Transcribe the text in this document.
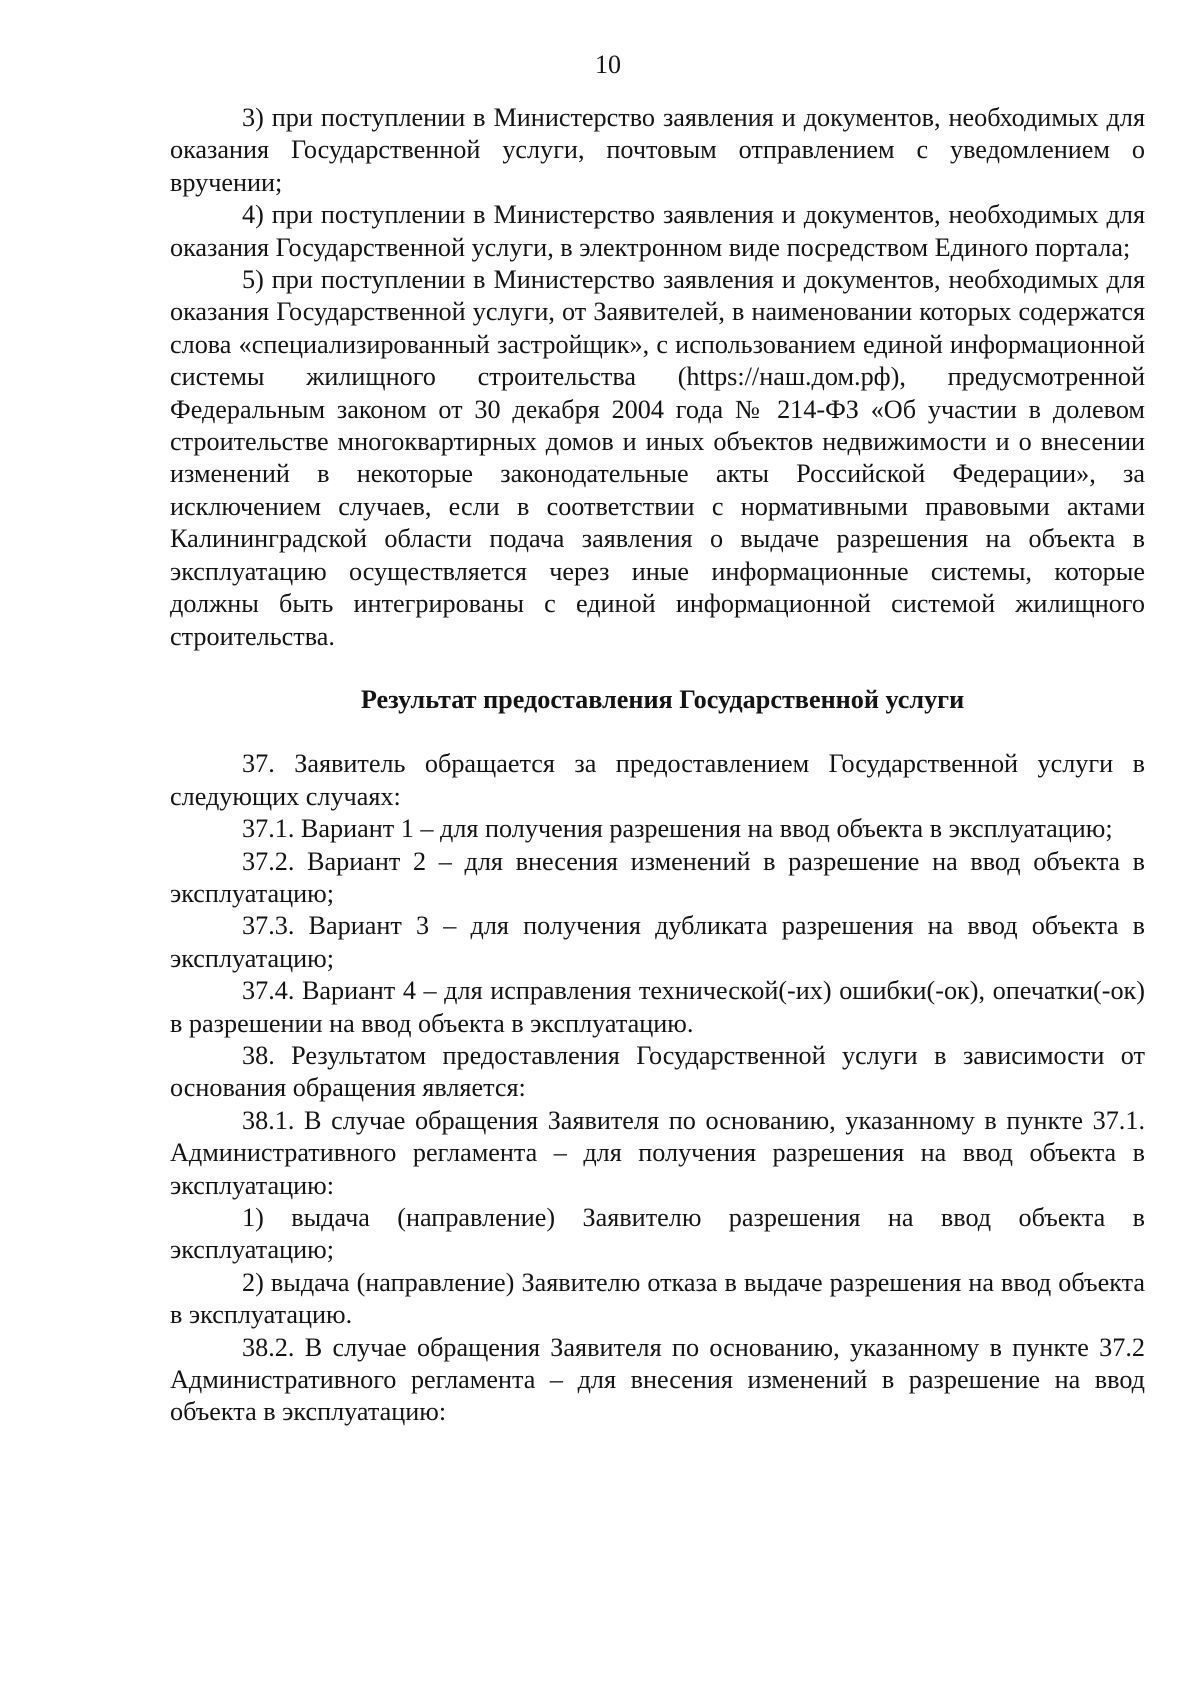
10

3) при поступлении в Министерство заявления и документов, необходимых для оказания Государственной услуги, почтовым отправлением с уведомлением о вручении;

4) при поступлении в Министерство заявления и документов, необходимых для оказания Государственной услуги, в электронном виде посредством Единого портала;

5) при поступлении в Министерство заявления и документов, необходимых для оказания Государственной услуги, от Заявителей, в наименовании которых содержатся слова «специализированный застройщик», с использованием единой информационной системы жилищного строительства (https://наш.дом.рф), предусмотренной Федеральным законом от 30 декабря 2004 года № 214-ФЗ «Об участии в долевом строительстве многоквартирных домов и иных объектов недвижимости и о внесении изменений в некоторые законодательные акты Российской Федерации», за исключением случаев, если в соответствии с нормативными правовыми актами Калининградской области подача заявления о выдаче разрешения на объекта в эксплуатацию осуществляется через иные информационные системы, которые должны быть интегрированы с единой информационной системой жилищного строительства.

Результат предоставления Государственной услуги

37. Заявитель обращается за предоставлением Государственной услуги в следующих случаях:

37.1. Вариант 1 – для получения разрешения на ввод объекта в эксплуатацию;

37.2. Вариант 2 – для внесения изменений в разрешение на ввод объекта в эксплуатацию;

37.3. Вариант 3 – для получения дубликата разрешения на ввод объекта в эксплуатацию;

37.4. Вариант 4 – для исправления технической(-их) ошибки(-ок), опечатки(-ок) в разрешении на ввод объекта в эксплуатацию.

38. Результатом предоставления Государственной услуги в зависимости от основания обращения является:

38.1. В случае обращения Заявителя по основанию, указанному в пункте 37.1. Административного регламента – для получения разрешения на ввод объекта в эксплуатацию:

1) выдача (направление) Заявителю разрешения на ввод объекта в эксплуатацию;

2) выдача (направление) Заявителю отказа в выдаче разрешения на ввод объекта в эксплуатацию.

38.2. В случае обращения Заявителя по основанию, указанному в пункте 37.2 Административного регламента – для внесения изменений в разрешение на ввод объекта в эксплуатацию:
